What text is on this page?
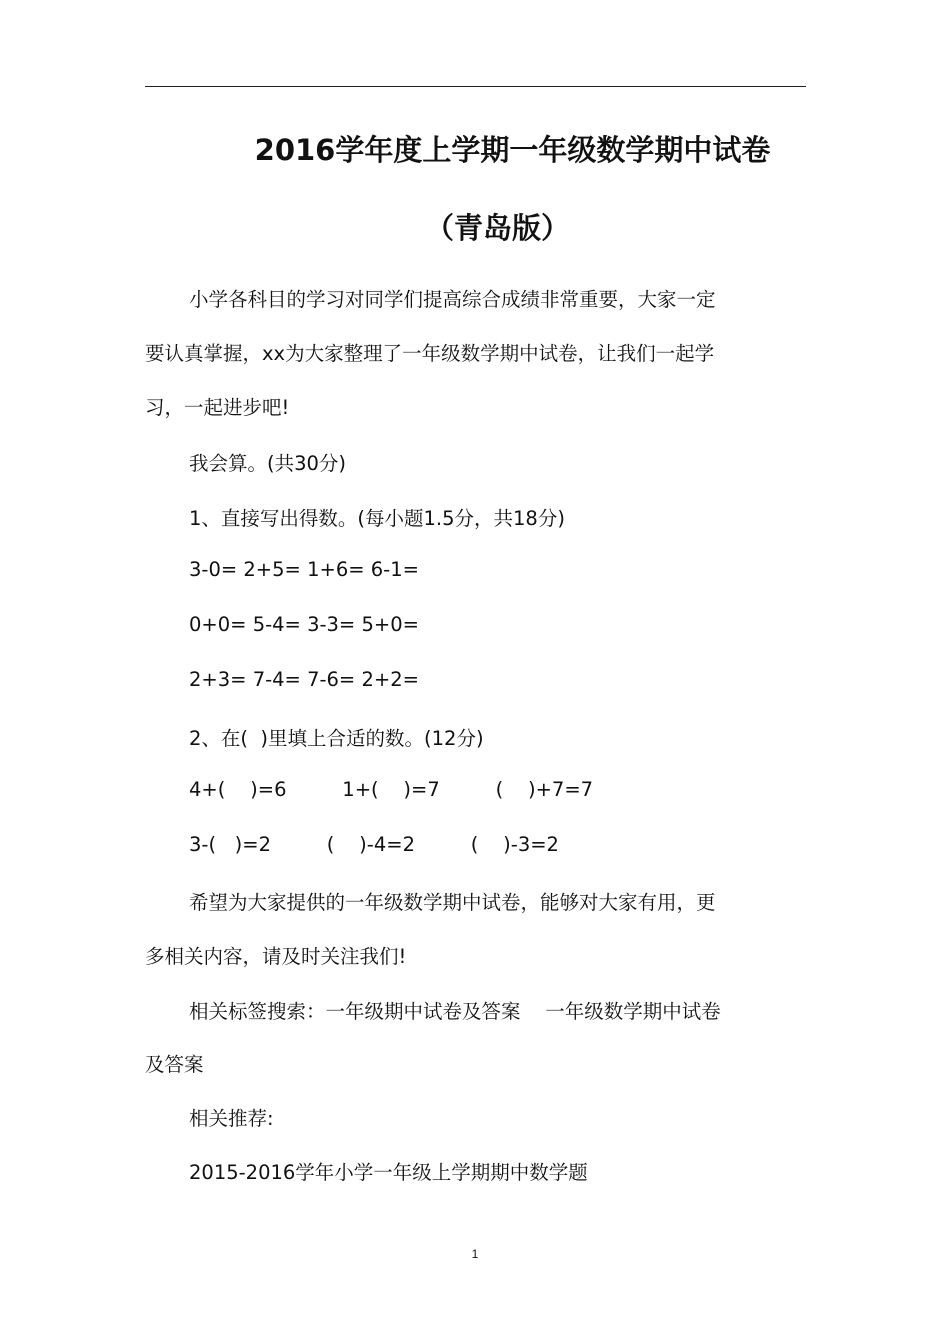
2016学年度上学期一年级数学期中试卷
（青岛版）
小学各科目的学习对同学们提高综合成绩非常重要，大家一定
要认真掌握，xx为大家整理了一年级数学期中试卷，让我们一起学
习，一起进步吧!
我会算。(共30分)
1、直接写出得数。(每小题1.5分，共18分)
3-0= 2+5= 1+6= 6-1=
0+0= 5-4= 3-3= 5+0=
2+3= 7-4= 7-6= 2+2=
2、在(  )里填上合适的数。(12分)
4+(    )=6         1+(    )=7         (    )+7=7
3-(   )=2         (    )-4=2         (    )-3=2
希望为大家提供的一年级数学期中试卷，能够对大家有用，更
多相关内容，请及时关注我们!
相关标签搜索：一年级期中试卷及答案    一年级数学期中试卷
及答案
相关推荐:
2015-2016学年小学一年级上学期期中数学题
1
